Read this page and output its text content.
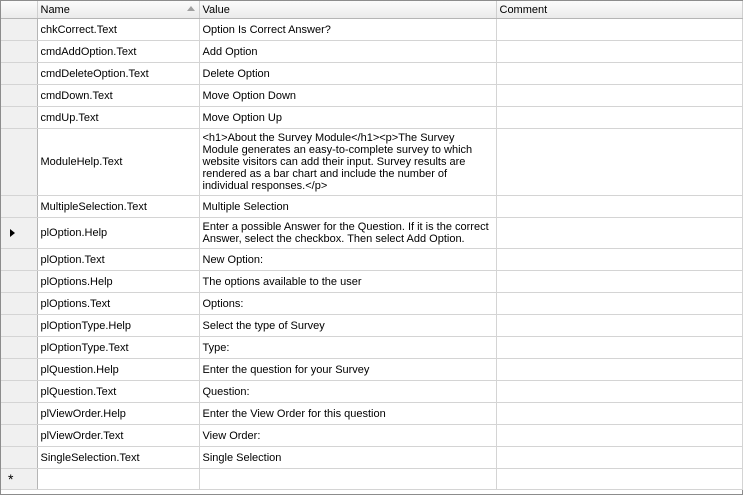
	Name	Value	Comment
	chkCorrect.Text	Option Is Correct Answer?	
	cmdAddOption.Text	Add Option	
	cmdDeleteOption.Text	Delete Option	
	cmdDown.Text	Move Option Down	
	cmdUp.Text	Move Option Up	
	ModuleHelp.Text	<h1>About the Survey Module</h1><p>The Survey Module generates an easy-to-complete survey to which website visitors can add their input. Survey results are rendered as a bar chart and include the number of individual responses.</p>	
	MultipleSelection.Text	Multiple Selection	
	plOption.Help	Enter a possible Answer for the Question. If it is the correct Answer, select the checkbox. Then select Add Option.	
	plOption.Text	New Option:	
	plOptions.Help	The options available to the user	
	plOptions.Text	Options:	
	plOptionType.Help	Select the type of Survey	
	plOptionType.Text	Type:	
	plQuestion.Help	Enter the question for your Survey	
	plQuestion.Text	Question:	
	plViewOrder.Help	Enter the View Order for this question	
	plViewOrder.Text	View Order:	
	SingleSelection.Text	Single Selection	
*			
